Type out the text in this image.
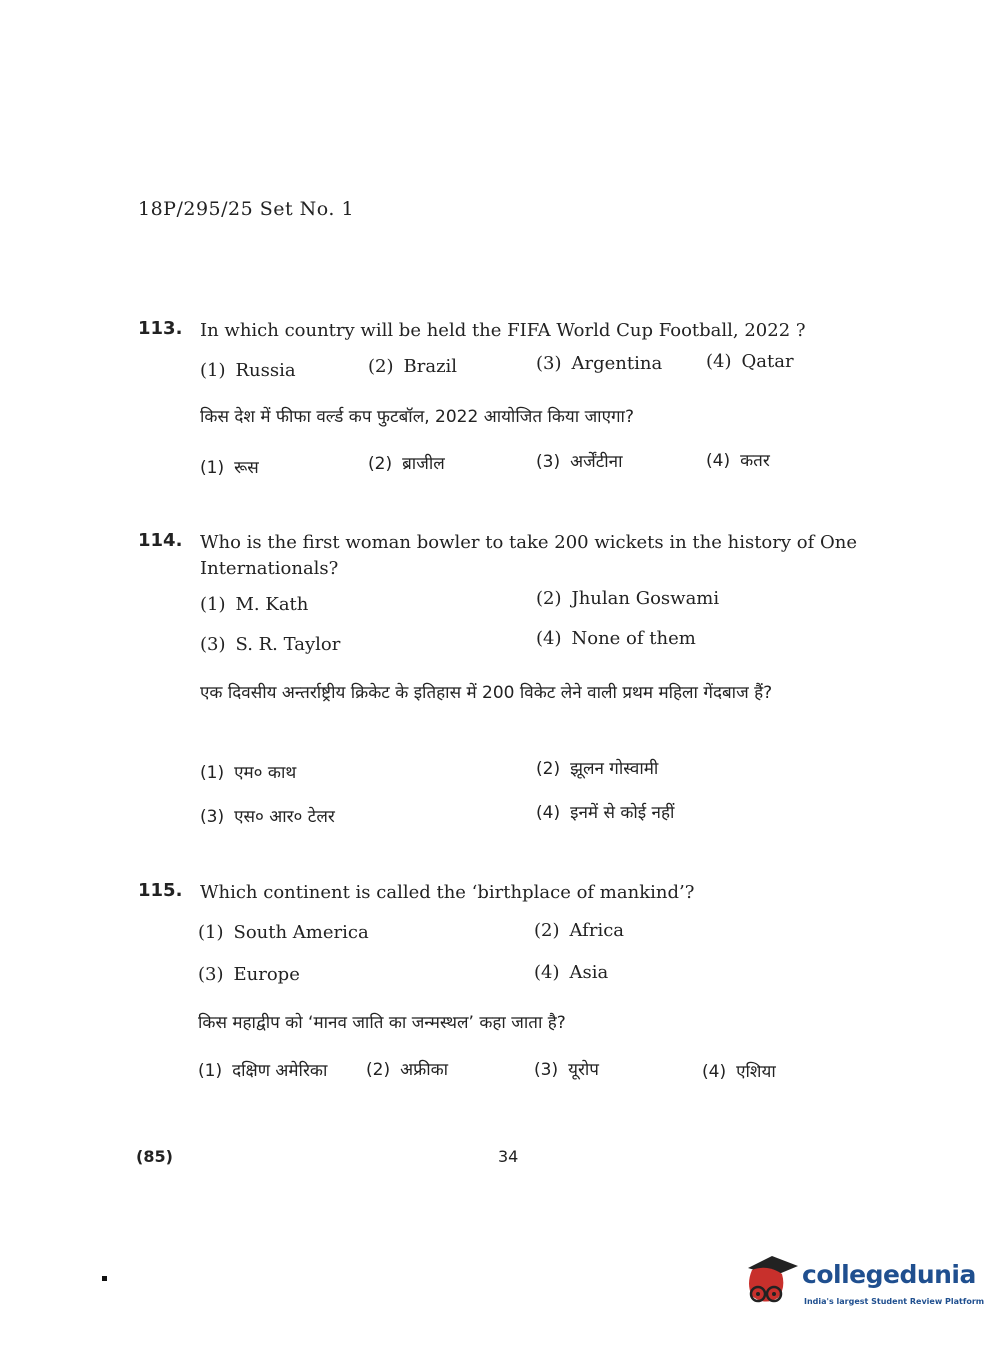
18P/295/25 Set No. 1
113. In which country will be held the FIFA World Cup Football, 2022 ?
(1) Russia	(2) Brazil	(3) Argentina (4) Qatar
किस देश में फीफा वर्ल्ड कप फुटबॉल, 2022 आयोजित किया जाएगा?
(1) रूस	(2) ब्राजील	(3) अर्जेंटीना	(4) कतर
114. Who is the first woman bowler to take 200 wickets in the history of One Internationals?
(1) M. Kath	(2) Jhulan Goswami
(3) S. R. Taylor	(4) None of them
एक दिवसीय अन्तर्राष्ट्रीय क्रिकेट के इतिहास में 200 विकेट लेने वाली प्रथम महिला गेंदबाज हैं?
(1) एम० काथ	(2) झूलन गोस्वामी
(3) एस० आर० टेलर	(4) इनमें से कोई नहीं
115. Which continent is called the ‘birthplace of mankind’?
(1) South America	(2) Africa
(3) Europe	(4) Asia
किस महाद्वीप को ‘मानव जाति का जन्मस्थल’ कहा जाता है?
(1) दक्षिण अमेरिका (2) अफ्रीका	(3) यूरोप	(4) एशिया
(85)	34
collegedunia
India's largest Student Review Platform
